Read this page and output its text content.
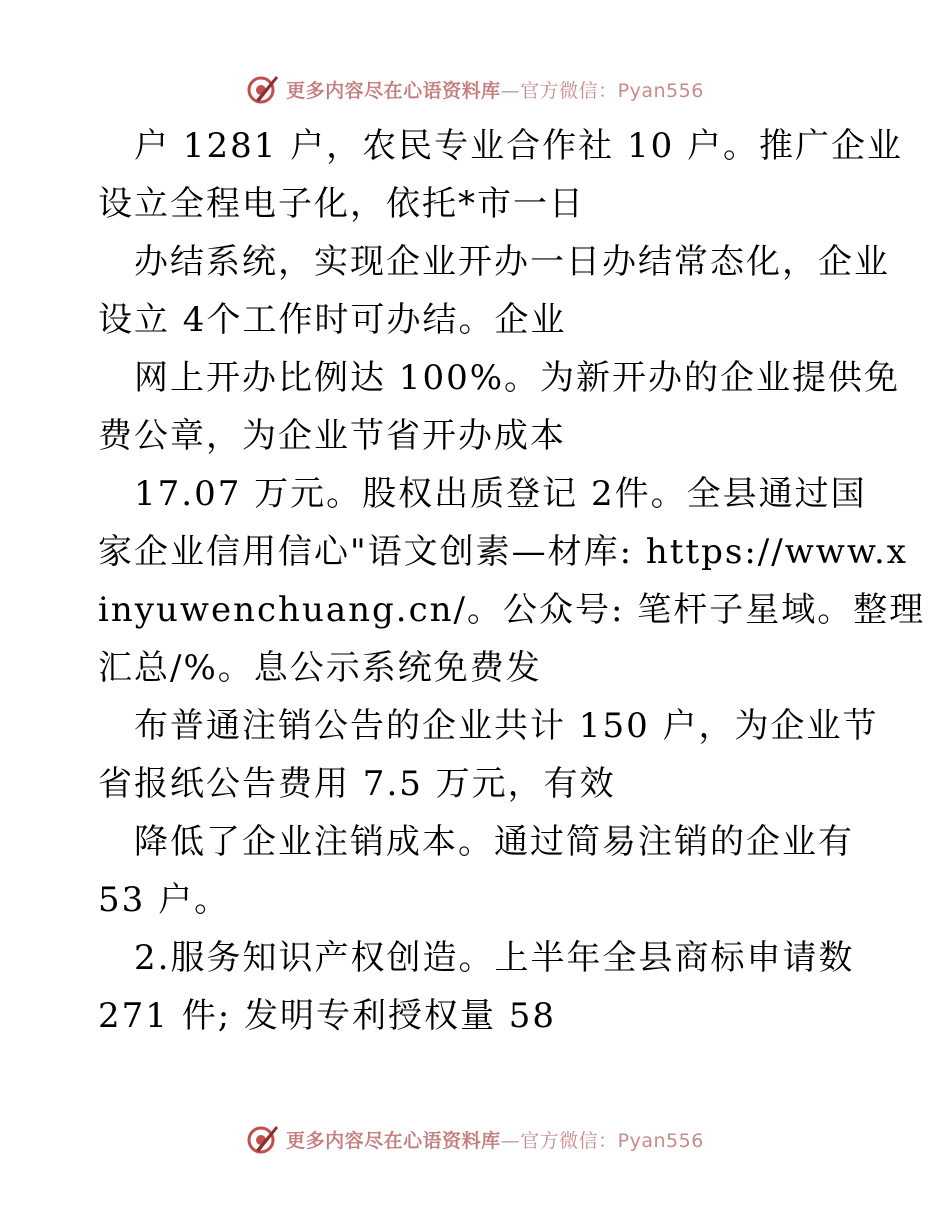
更多内容尽在心语资料库—官方微信：Pyan556
户 1281 户，农民专业合作社 10 户。推广企业
设立全程电子化，依托*市一日
办结系统，实现企业开办一日办结常态化，企业
设立 4个工作时可办结。企业
网上开办比例达 100%。为新开办的企业提供免
费公章，为企业节省开办成本
17.07 万元。股权出质登记 2件。全县通过国
家企业信用信心"语文创素—材库: https://www.x
inyuwenchuang.cn/。公众号: 笔杆子星域。整理
汇总/%。息公示系统免费发
布普通注销公告的企业共计 150 户，为企业节
省报纸公告费用 7.5 万元，有效
降低了企业注销成本。通过简易注销的企业有
53 户。
2.服务知识产权创造。上半年全县商标申请数
271 件; 发明专利授权量 58
更多内容尽在心语资料库—官方微信：Pyan556
